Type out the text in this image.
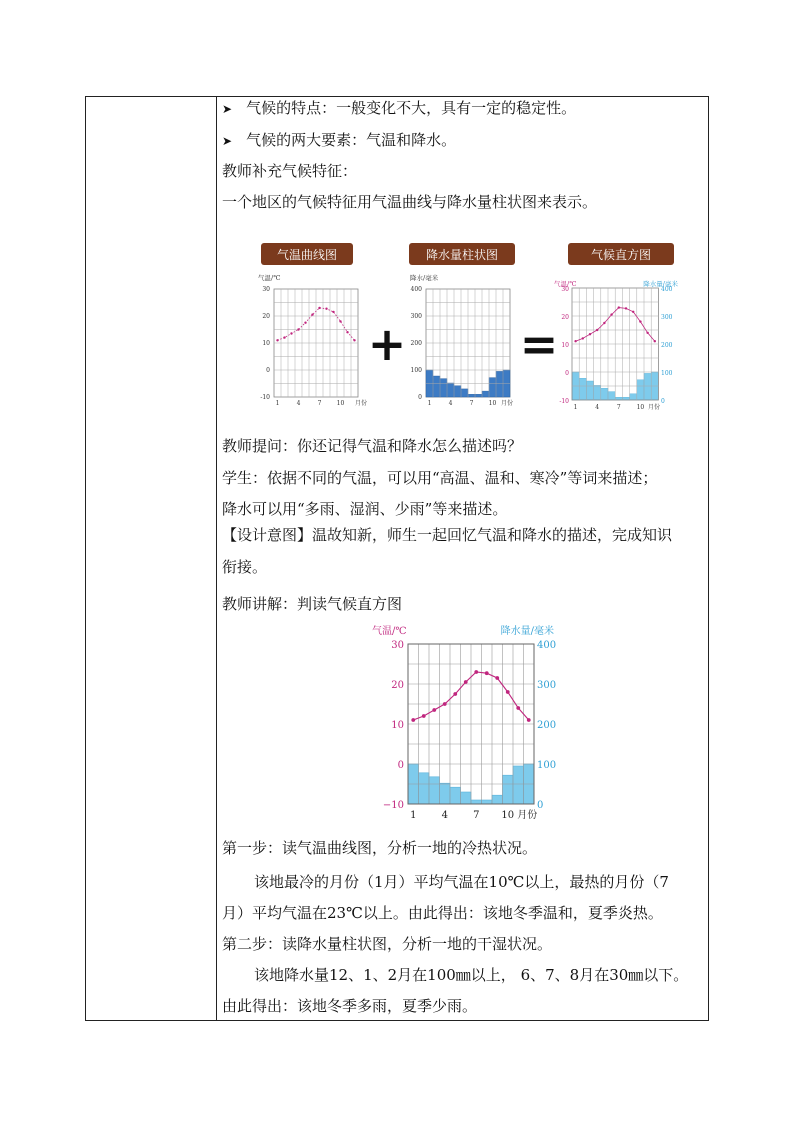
➤ 气候的特点：一般变化不大，具有一定的稳定性。
➤ 气候的两大要素：气温和降水。
教师补充气候特征：
一个地区的气候特征用气温曲线与降水量柱状图来表示。
气温曲线图	降水量柱状图	气候直方图
气温/℃
30
20
10
0
-10
1	4	7	10 月份
+
降水/毫米
400
300
200
100
0
1	4	7	10 月份
=
气温/℃	降水量/毫米
30
20
10
0
-10
400
300
200
100
0
1	4	7	10 月份
教师提问：你还记得气温和降水怎么描述吗？
学生：依据不同的气温，可以用“高温、温和、寒冷”等词来描述；
降水可以用“多雨、湿润、少雨”等来描述。
【设计意图】温故知新，师生一起回忆气温和降水的描述，完成知识
衔接。
教师讲解：判读气候直方图
气温/℃	降水量/毫米
30
20
10
0
−10
400
300
200
100
0
1	4	7 10 月份
第一步：读气温曲线图，分析一地的冷热状况。
该地最冷的月份（1月）平均气温在10℃以上，最热的月份（7
月）平均气温在23℃以上。由此得出：该地冬季温和，夏季炎热。
第二步：读降水量柱状图，分析一地的干湿状况。
该地降水量12、1、2月在100㎜以上， 6、7、8月在30㎜以下。
由此得出：该地冬季多雨，夏季少雨。
